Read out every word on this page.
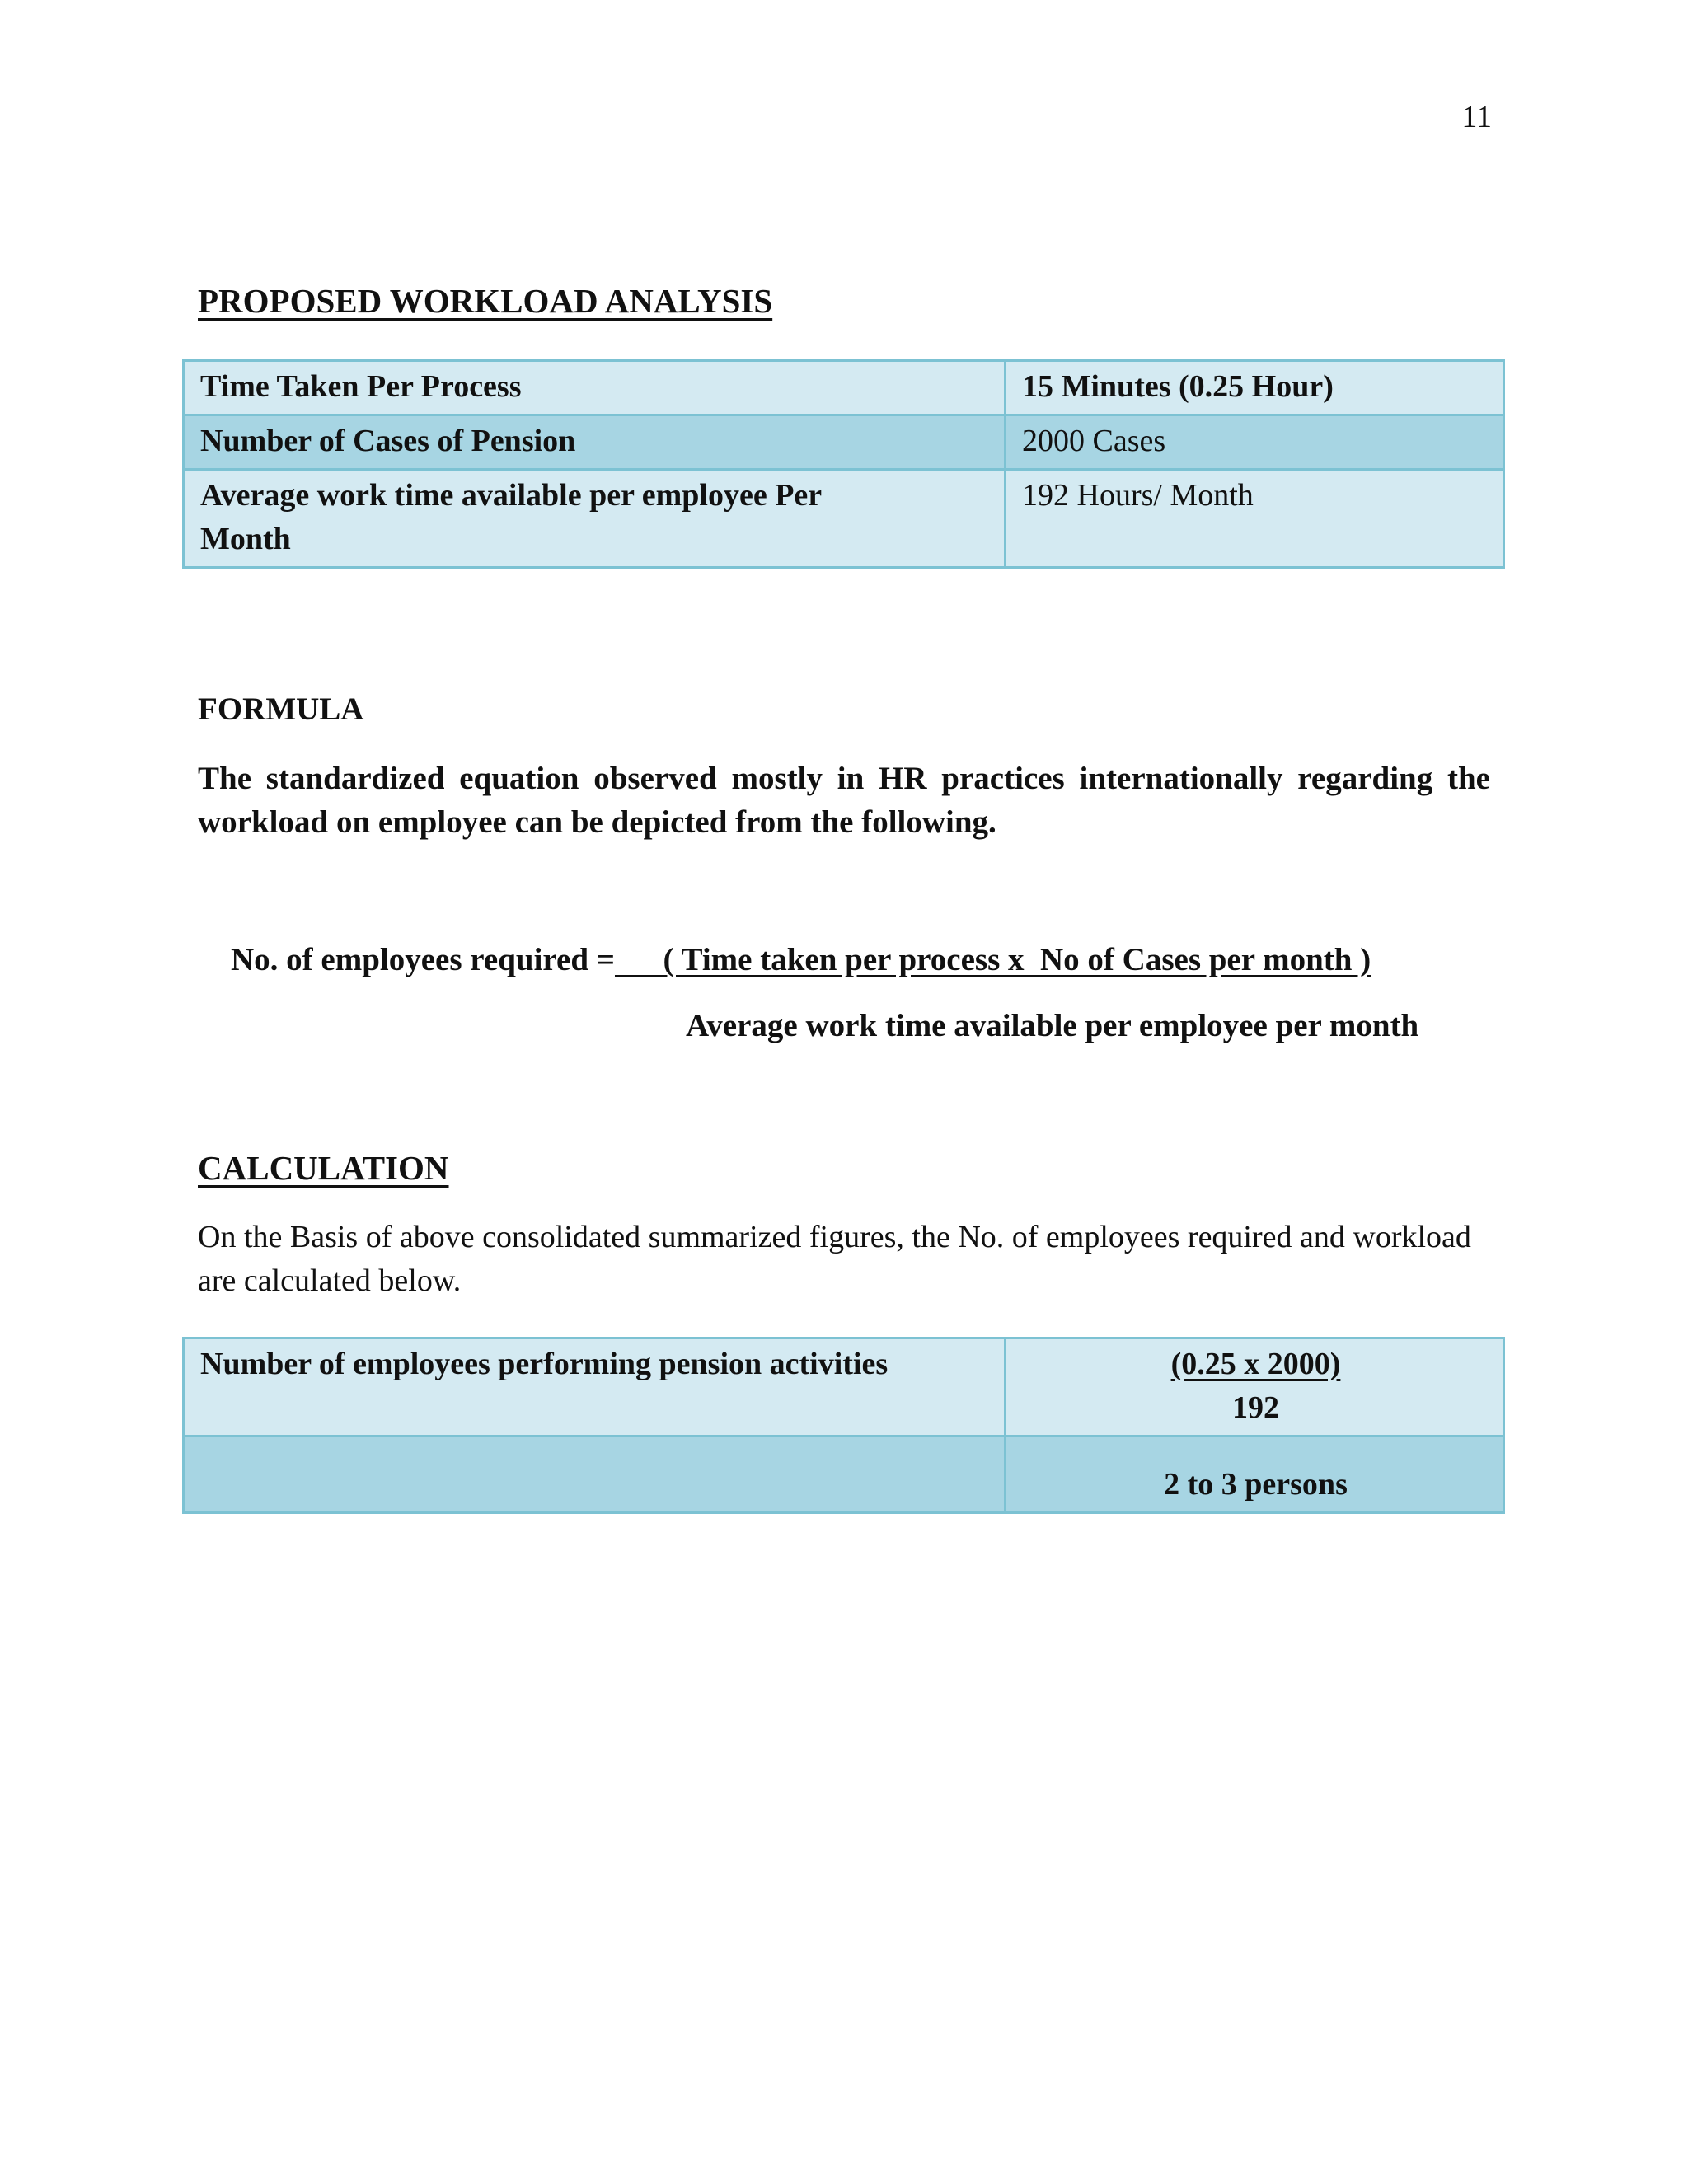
11
PROPOSED WORKLOAD ANALYSIS
Time Taken Per Process	15 Minutes (0.25 Hour)
Number of Cases of Pension	2000 Cases
Average work time available per employee Per Month	192 Hours/ Month
FORMULA
The standardized equation observed mostly in HR practices internationally regarding the workload on employee can be depicted from the following.
No. of employees required =      ( Time taken per process x  No of Cases per month )
Average work time available per employee per month
CALCULATION
On the Basis of above consolidated summarized figures, the No. of employees required and workload are calculated below.
Number of employees performing pension activities	(0.25 x 2000)
192

	2 to 3 persons
